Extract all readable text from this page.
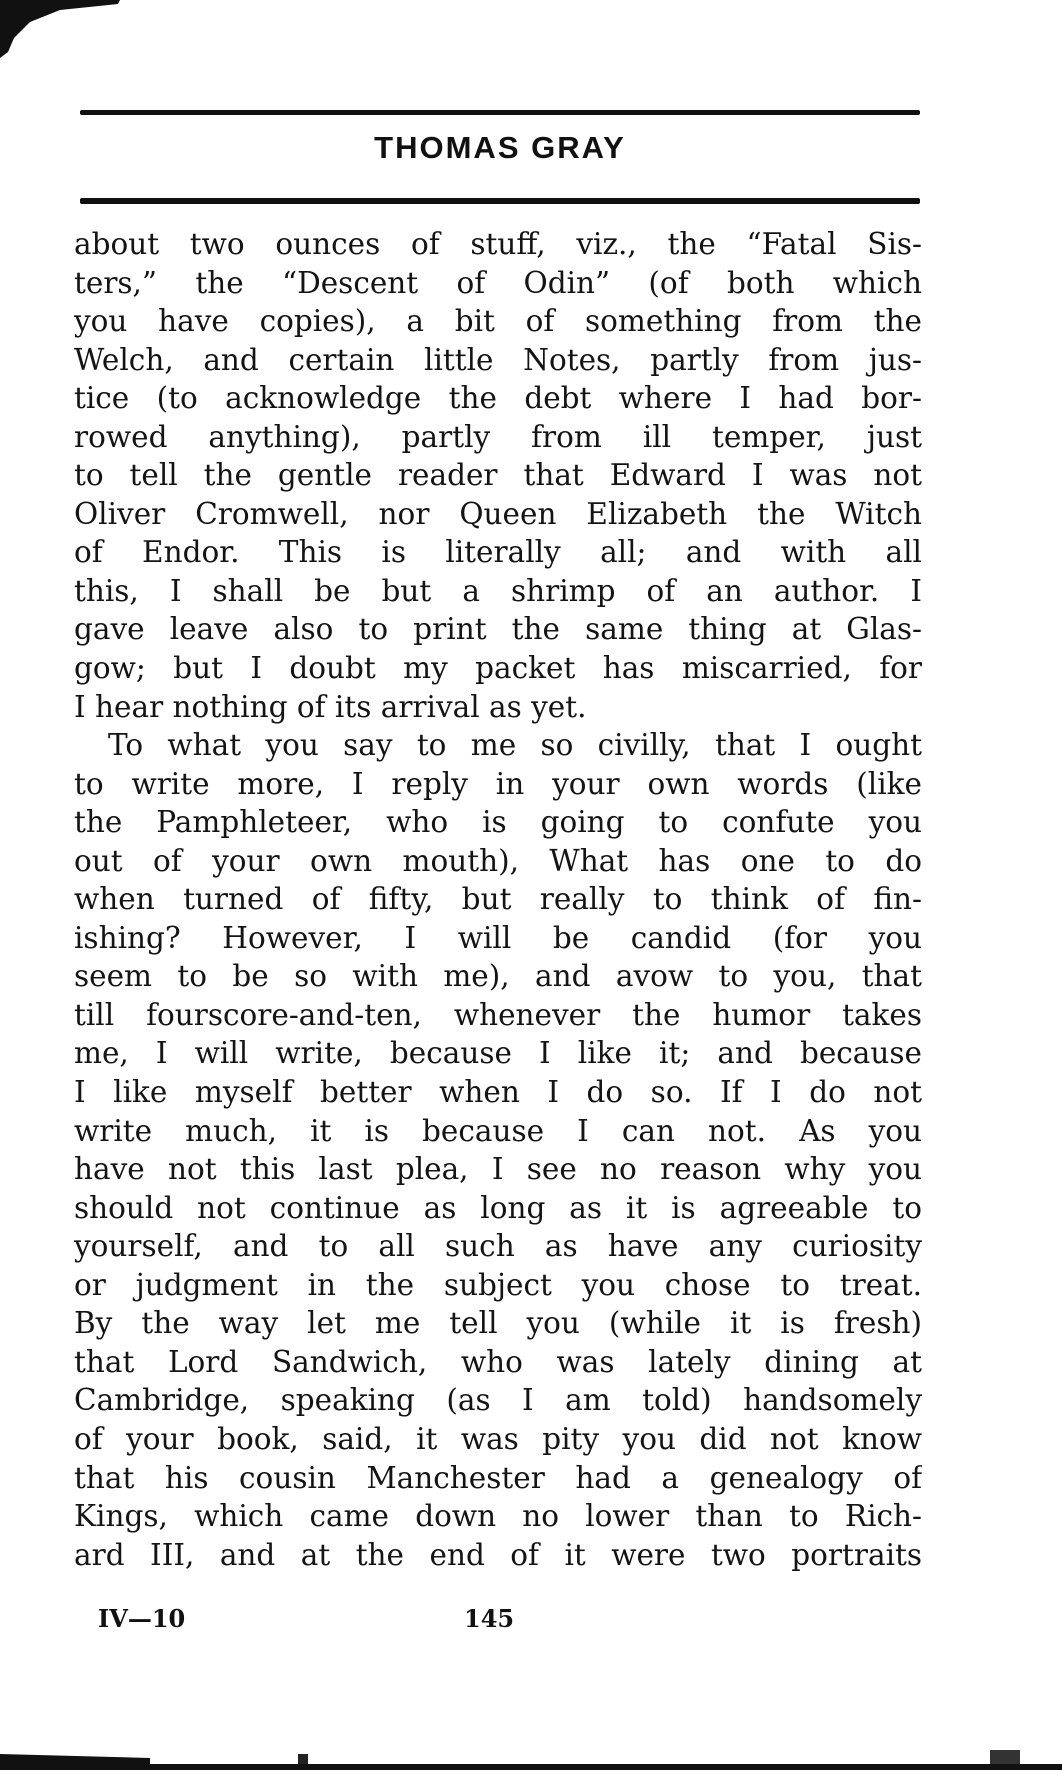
THOMAS GRAY
about two ounces of stuff, viz., the “Fatal Sis-
ters,” the “Descent of Odin” (of both which
you have copies), a bit of something from the
Welch, and certain little Notes, partly from jus-
tice (to acknowledge the debt where I had bor-
rowed anything), partly from ill temper, just
to tell the gentle reader that Edward I was not
Oliver Cromwell, nor Queen Elizabeth the Witch
of Endor. This is literally all; and with all
this, I shall be but a shrimp of an author. I
gave leave also to print the same thing at Glas-
gow; but I doubt my packet has miscarried, for
I hear nothing of its arrival as yet.
To what you say to me so civilly, that I ought
to write more, I reply in your own words (like
the Pamphleteer, who is going to confute you
out of your own mouth), What has one to do
when turned of fifty, but really to think of fin-
ishing? However, I will be candid (for you
seem to be so with me), and avow to you, that
till fourscore-and-ten, whenever the humor takes
me, I will write, because I like it; and because
I like myself better when I do so. If I do not
write much, it is because I can not. As you
have not this last plea, I see no reason why you
should not continue as long as it is agreeable to
yourself, and to all such as have any curiosity
or judgment in the subject you chose to treat.
By the way let me tell you (while it is fresh)
that Lord Sandwich, who was lately dining at
Cambridge, speaking (as I am told) handsomely
of your book, said, it was pity you did not know
that his cousin Manchester had a genealogy of
Kings, which came down no lower than to Rich-
ard III, and at the end of it were two portraits
IV—10	145
